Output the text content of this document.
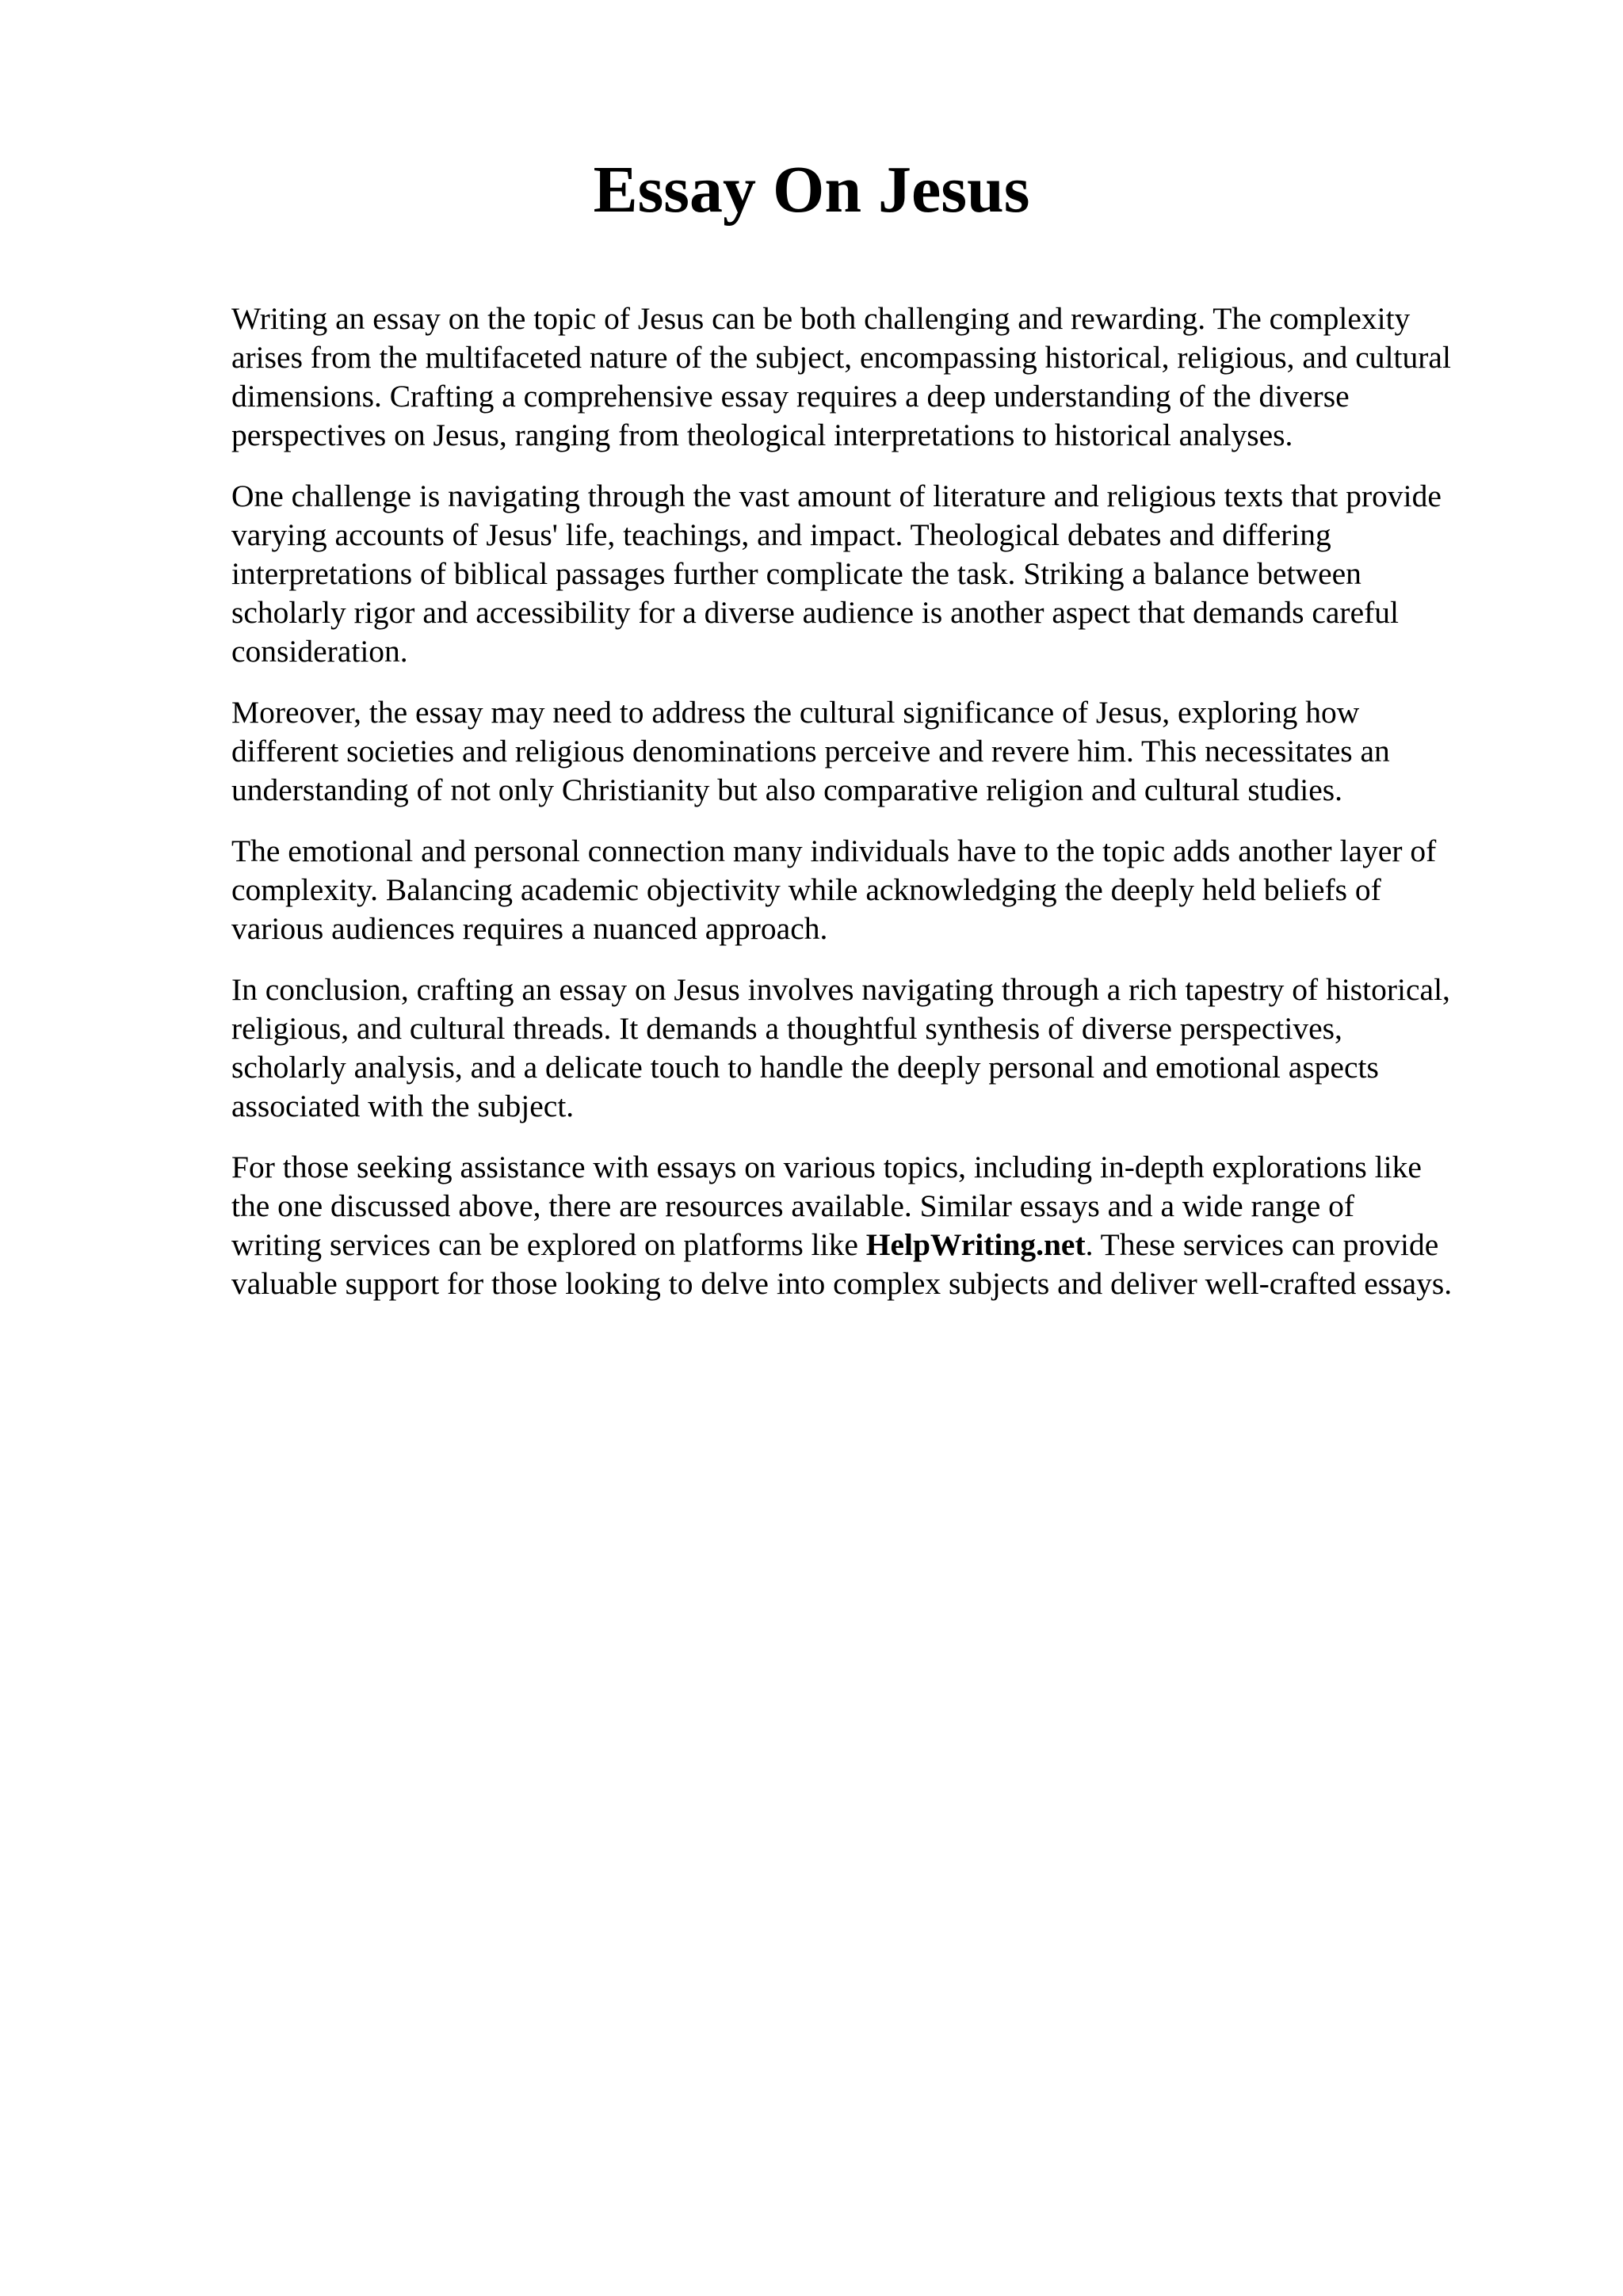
Essay On Jesus

Writing an essay on the topic of Jesus can be both challenging and rewarding. The complexity
arises from the multifaceted nature of the subject, encompassing historical, religious, and cultural
dimensions. Crafting a comprehensive essay requires a deep understanding of the diverse
perspectives on Jesus, ranging from theological interpretations to historical analyses.

One challenge is navigating through the vast amount of literature and religious texts that provide
varying accounts of Jesus' life, teachings, and impact. Theological debates and differing
interpretations of biblical passages further complicate the task. Striking a balance between
scholarly rigor and accessibility for a diverse audience is another aspect that demands careful
consideration.

Moreover, the essay may need to address the cultural significance of Jesus, exploring how
different societies and religious denominations perceive and revere him. This necessitates an
understanding of not only Christianity but also comparative religion and cultural studies.

The emotional and personal connection many individuals have to the topic adds another layer of
complexity. Balancing academic objectivity while acknowledging the deeply held beliefs of
various audiences requires a nuanced approach.

In conclusion, crafting an essay on Jesus involves navigating through a rich tapestry of historical,
religious, and cultural threads. It demands a thoughtful synthesis of diverse perspectives,
scholarly analysis, and a delicate touch to handle the deeply personal and emotional aspects
associated with the subject.

For those seeking assistance with essays on various topics, including in-depth explorations like
the one discussed above, there are resources available. Similar essays and a wide range of
writing services can be explored on platforms like HelpWriting.net. These services can provide
valuable support for those looking to delve into complex subjects and deliver well-crafted essays.
